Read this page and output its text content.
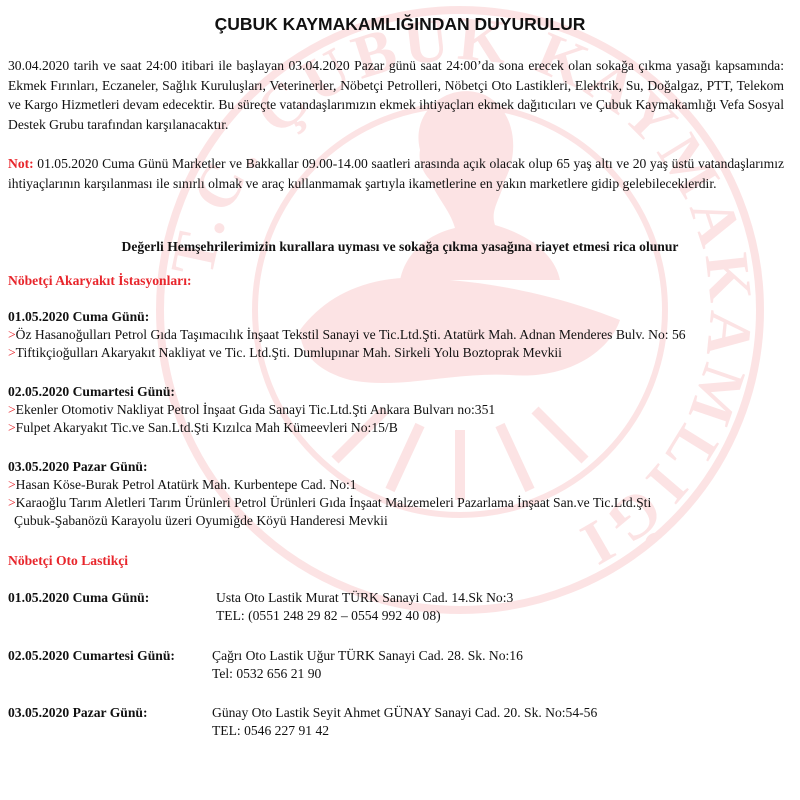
T.C. ÇUBUK KAYMAKAMLIĞI
ÇUBUK KAYMAKAMLIĞINDAN DUYURULUR

30.04.2020 tarih ve saat 24:00 itibari ile başlayan 03.04.2020 Pazar günü saat 24:00’da sona erecek olan sokağa çıkma yasağı kapsamında: Ekmek Fırınları, Eczaneler, Sağlık Kuruluşları, Veterinerler, Nöbetçi Petrolleri, Nöbetçi Oto Lastikleri, Elektrik, Su, Doğalgaz, PTT, Telekom ve Kargo Hizmetleri devam edecektir. Bu süreçte vatandaşlarımızın ekmek ihtiyaçları ekmek dağıtıcıları ve Çubuk Kaymakamlığı Vefa Sosyal Destek Grubu tarafından karşılanacaktır.

Not: 01.05.2020 Cuma Günü Marketler ve Bakkallar 09.00-14.00 saatleri arasında açık olacak olup 65 yaş altı ve 20 yaş üstü vatandaşlarımız ihtiyaçlarının karşılanması ile sınırlı olmak ve araç kullanmamak şartıyla ikametlerine en yakın marketlere gidip gelebileceklerdir.

Değerli Hemşehrilerimizin kurallara uyması ve sokağa çıkma yasağına riayet etmesi rica olunur

Nöbetçi Akaryakıt İstasyonları:

01.05.2020 Cuma Günü:

>Öz Hasanoğulları Petrol Gıda Taşımacılık İnşaat Tekstil Sanayi ve Tic.Ltd.Şti. Atatürk Mah. Adnan Menderes Bulv. No: 56

>Tiftikçioğulları Akaryakıt Nakliyat ve Tic. Ltd.Şti. Dumlupınar Mah. Sirkeli Yolu Boztoprak Mevkii

02.05.2020 Cumartesi Günü:

>Ekenler Otomotiv Nakliyat Petrol İnşaat Gıda Sanayi Tic.Ltd.Şti Ankara Bulvarı no:351

>Fulpet Akaryakıt Tic.ve San.Ltd.Şti Kızılca Mah Kümeevleri No:15/B

03.05.2020 Pazar Günü:

>Hasan Köse-Burak Petrol Atatürk Mah. Kurbentepe Cad. No:1

>Karaoğlu Tarım Aletleri Tarım Ürünleri Petrol Ürünleri Gıda İnşaat Malzemeleri Pazarlama İnşaat San.ve Tic.Ltd.Şti

Çubuk-Şabanözü Karayolu üzeri Oyumiğde Köyü Handeresi Mevkii

Nöbetçi Oto Lastikçi

01.05.2020 Cuma Günü:	Usta Oto Lastik Murat TÜRK Sanayi Cad. 14.Sk No:3
TEL: (0551 248 29 82 – 0554 992 40 08)
02.05.2020 Cumartesi Günü:	Çağrı Oto Lastik Uğur TÜRK Sanayi Cad. 28. Sk. No:16
Tel: 0532 656 21 90
03.05.2020 Pazar Günü:	Günay Oto Lastik Seyit Ahmet GÜNAY Sanayi Cad. 20. Sk. No:54-56
TEL: 0546 227 91 42
